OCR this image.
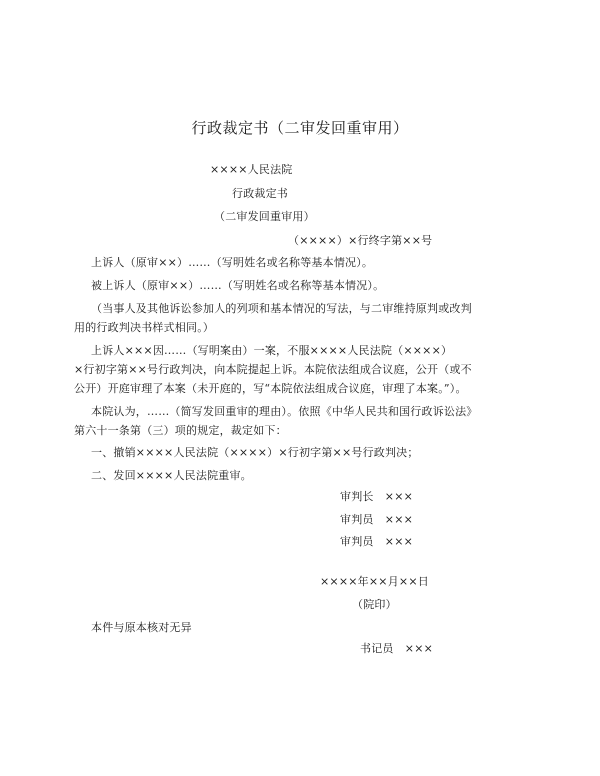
行政裁定书（二审发回重审用）
××××人民法院
行政裁定书
（二审发回重审用）
（××××）×行终字第××号
上诉人（原审××）……（写明姓名或名称等基本情况）。
被上诉人（原审××）……（写明姓名或名称等基本情况）。
（当事人及其他诉讼参加人的列项和基本情况的写法，与二审维持原判或改判
用的行政判决书样式相同。）
上诉人×××因……（写明案由）一案，不服××××人民法院（××××）
×行初字第××号行政判决，向本院提起上诉。本院依法组成合议庭，公开（或不
公开）开庭审理了本案（未开庭的，写“本院依法组成合议庭，审理了本案。”）。
本院认为，……（简写发回重审的理由）。依照《中华人民共和国行政诉讼法》
第六十一条第（三）项的规定，裁定如下：
一、撤销××××人民法院（××××）×行初字第××号行政判决；
二、发回××××人民法院重审。
审判长　×××
审判员　×××
审判员　×××
××××年××月××日
（院印）
本件与原本核对无异
书记员　×××
